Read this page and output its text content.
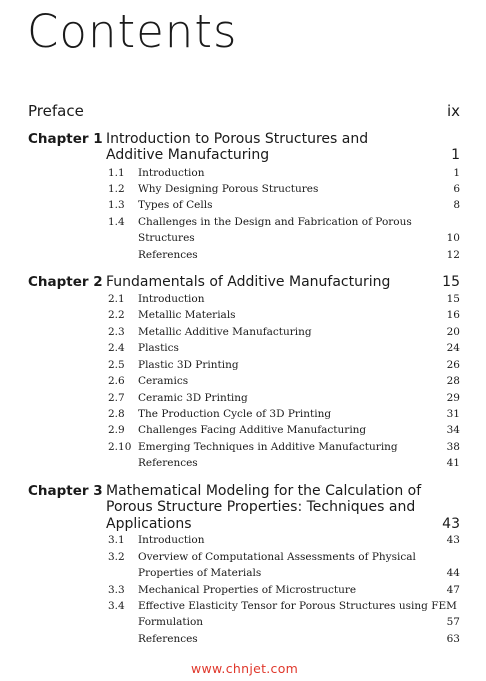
Contents
Preface	ix
Chapter 1 Introduction to Porous Structures and
Additive Manufacturing	1
1.1 Introduction	1
1.2 Why Designing Porous Structures	6
1.3 Types of Cells	8
1.4 Challenges in the Design and Fabrication of Porous
Structures	10
References	12
Chapter 2 Fundamentals of Additive Manufacturing	15
2.1 Introduction	15
2.2 Metallic Materials	16
2.3 Metallic Additive Manufacturing	20
2.4 Plastics	24
2.5 Plastic 3D Printing	26
2.6 Ceramics	28
2.7 Ceramic 3D Printing	29
2.8 The Production Cycle of 3D Printing	31
2.9 Challenges Facing Additive Manufacturing	34
2.10 Emerging Techniques in Additive Manufacturing	38
References	41
Chapter 3 Mathematical Modeling for the Calculation of
Porous Structure Properties: Techniques and
Applications	43
3.1 Introduction	43
3.2 Overview of Computational Assessments of Physical
Properties of Materials	44
3.3 Mechanical Properties of Microstructure	47
3.4 Effective Elasticity Tensor for Porous Structures using FEM
Formulation	57
References	63
www.chnjet.com
